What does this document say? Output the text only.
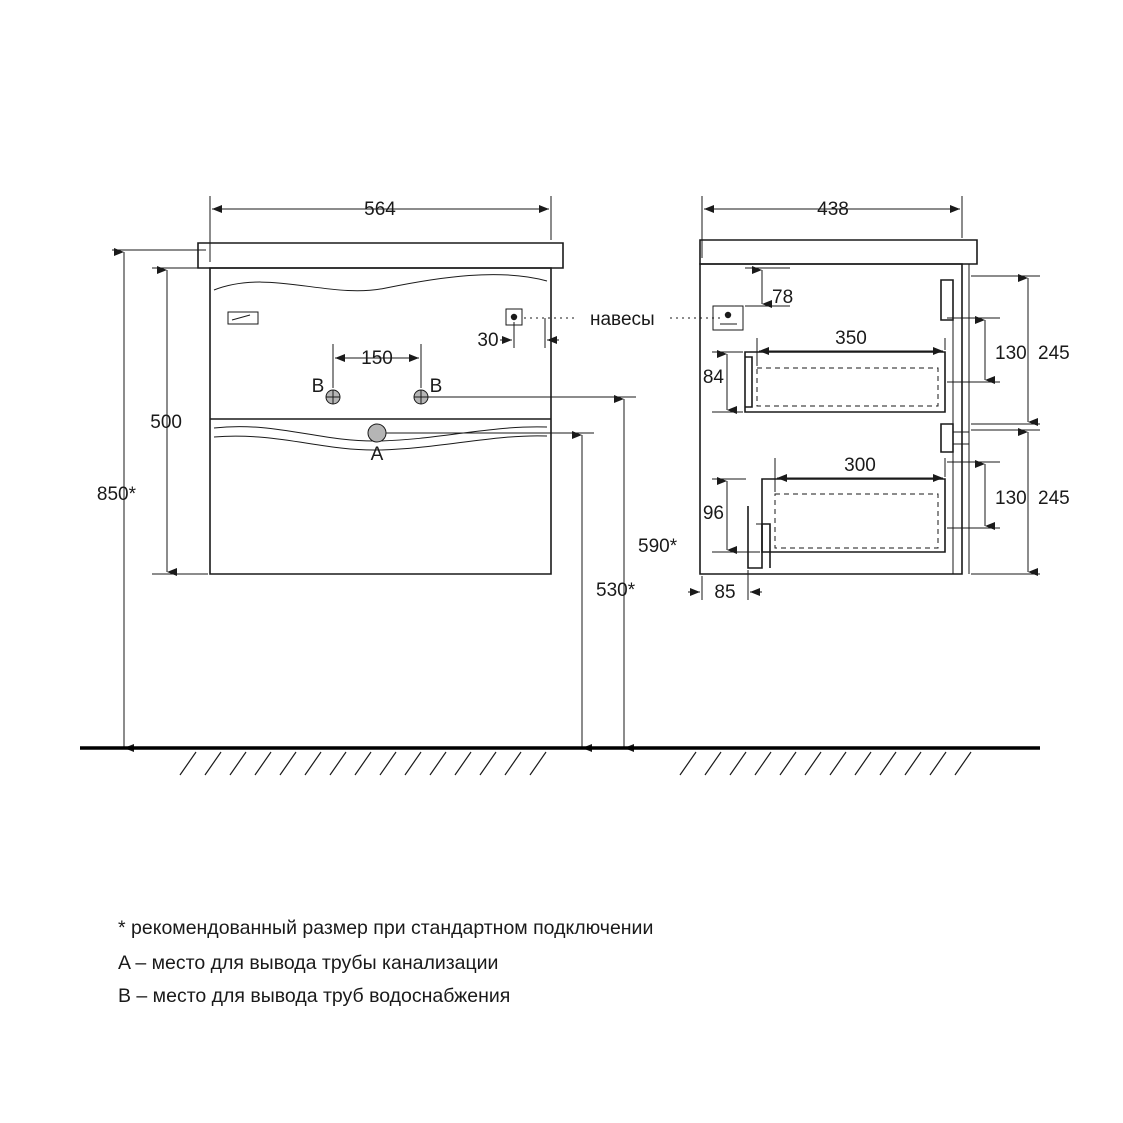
564
850*
500
150
30
B	B
A
590*
530*
438
78
350
84
130 245
300
96
130 245
85
навесы
* рекомендованный размер при стандартном подключении
A – место для вывода трубы канализации
B – место для вывода труб водоснабжения
